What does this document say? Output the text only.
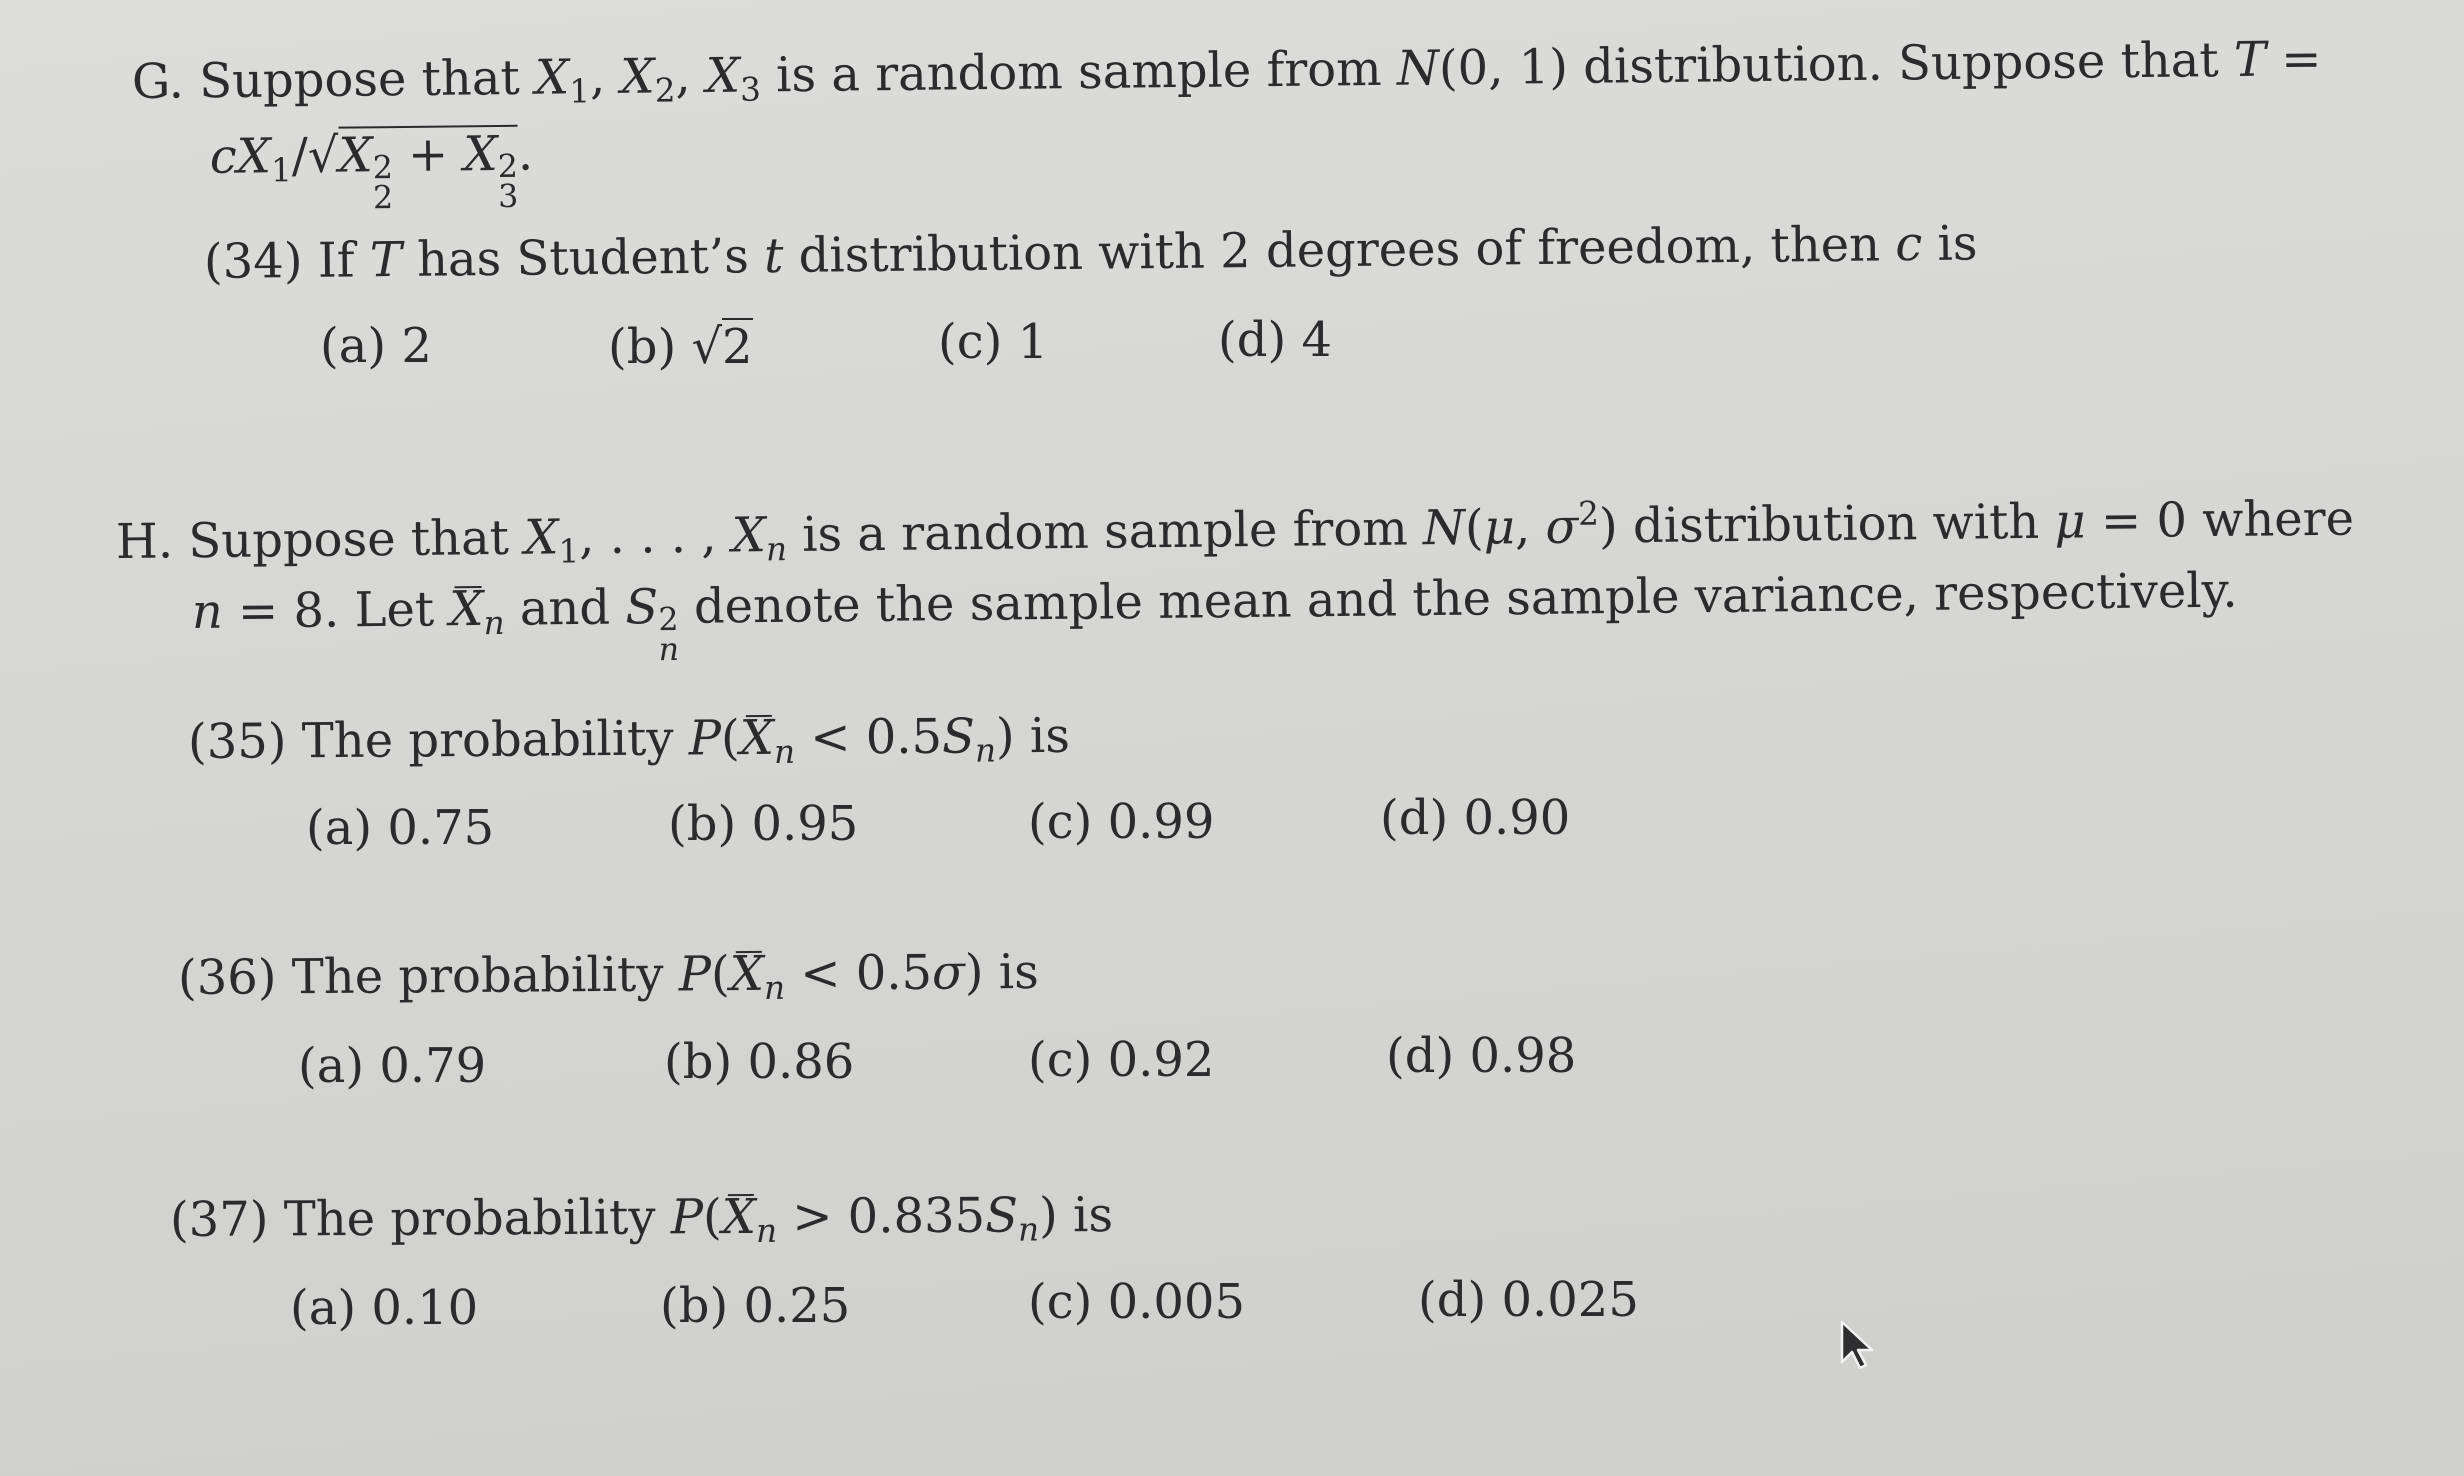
G. Suppose that $X_1$, $X_2$, $X_3$ is a random sample from N(0, 1) distribution. Suppose that T =
$cX_1/√X$ 2
2
+ X 2
3
.
(34) If T has Student’s t distribution with 2 degrees of freedom, then c is
(a) 2	(b) √2	(c) 1	(d) 4
H. Suppose that $X_1$, . . . , $X_n$ is a random sample from N(μ, $\sigma^2$) distribution with μ = 0 where
n = 8. Let $X_n$ and S 2
n
denote the sample mean and the sample variance, respectively.
(35) The probability $P(X_n < 0.5S_n)$ is
(a) 0.75	(b) 0.95	(c) 0.99	(d) 0.90
(36) The probability $P(X_n < 0.5\sigma)$ is
(a) 0.79	(b) 0.86	(c) 0.92	(d) 0.98
(37) The probability $P(X_n > 0.835S_n)$ is
(a) 0.10	(b) 0.25	(c) 0.005	(d) 0.025
